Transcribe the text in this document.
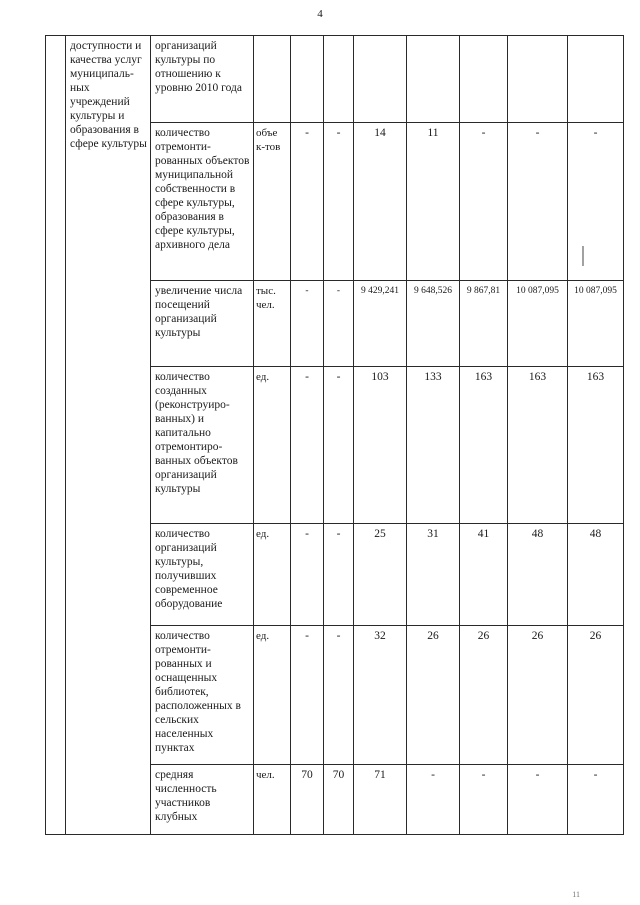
4
	доступности и качества услуг муниципаль-ных учреждений культуры и образования в сфере культуры	организаций культуры по отношению к уровню 2010 года								
		количество отремонти-рованных объектов муниципальной собственности в сфере культуры, образования в сфере культуры, архивного дела	объе к-тов	-	-	14	11	-	-	-
		увеличение числа посещений организаций культуры	тыс. чел.	-	-	9 429,241	9 648,526	9 867,81	10 087,095	10 087,095
		количество созданных (реконструиро-ванных) и капитально отремонтиро-ванных объектов организаций культуры	ед.	-	-	103	133	163	163	163
		количество организаций культуры, получивших современное оборудование	ед.	-	-	25	31	41	48	48
		количество отремонти-рованных и оснащенных библиотек, расположенных в сельских населенных пунктах	ед.	-	-	32	26	26	26	26
		средняя численность участников клубных	чел.	70	70	71	-	-	-	-
11
